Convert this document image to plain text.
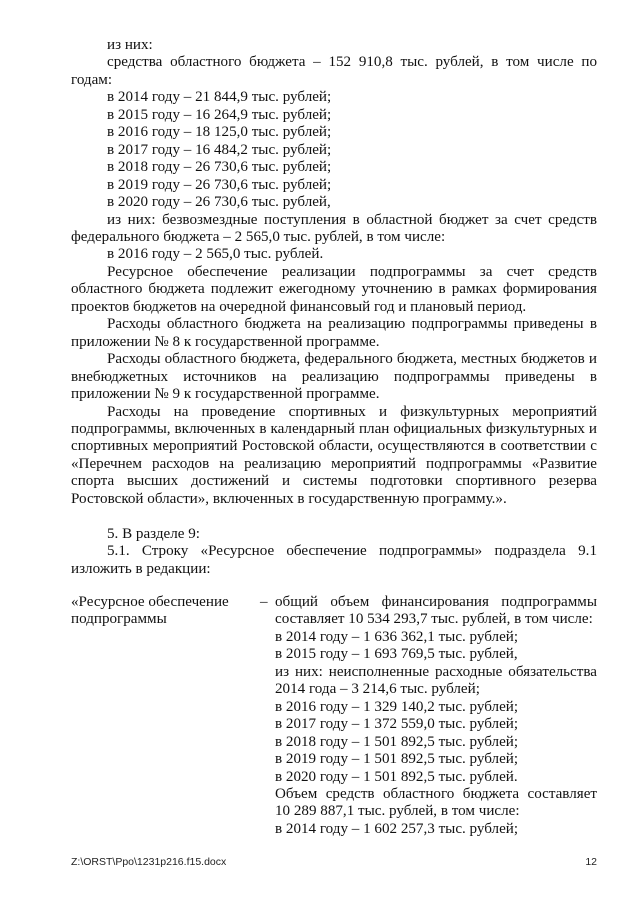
из них:

средства областного бюджета – 152 910,8 тыс. рублей, в том числе по годам:

в 2014 году – 21 844,9 тыс. рублей;

в 2015 году – 16 264,9 тыс. рублей;

в 2016 году – 18 125,0 тыс. рублей;

в 2017 году – 16 484,2 тыс. рублей;

в 2018 году – 26 730,6 тыс. рублей;

в 2019 году – 26 730,6 тыс. рублей;

в 2020 году – 26 730,6 тыс. рублей,

из них: безвозмездные поступления в областной бюджет за счет средств федерального бюджета – 2 565,0 тыс. рублей, в том числе:

в 2016 году – 2 565,0 тыс. рублей.

Ресурсное обеспечение реализации подпрограммы за счет средств областного бюджета подлежит ежегодному уточнению в рамках формирования проектов бюджетов на очередной финансовый год и плановый период.

Расходы областного бюджета на реализацию подпрограммы приведены в приложении № 8 к государственной программе.

Расходы областного бюджета, федерального бюджета, местных бюджетов и внебюджетных источников на реализацию подпрограммы приведены в приложении № 9 к государственной программе.

Расходы на проведение спортивных и физкультурных мероприятий подпрограммы, включенных в календарный план официальных физкультурных и спортивных мероприятий Ростовской области, осуществляются в соответствии с «Перечнем расходов на реализацию мероприятий подпрограммы «Развитие спорта высших достижений и системы подготовки спортивного резерва Ростовской области», включенных в государственную программу.».

5. В разделе 9:

5.1. Строку «Ресурсное обеспечение подпрограммы» подраздела 9.1 изложить в редакции:

«Ресурсное обеспечение подпрограммы
– общий объем финансирования подпрограммы составляет 10 534 293,7 тыс. рублей, в том числе:

в 2014 году – 1 636 362,1 тыс. рублей;

в 2015 году – 1 693 769,5 тыс. рублей,

из них: неисполненные расходные обязательства 2014 года – 3 214,6 тыс. рублей;

в 2016 году – 1 329 140,2 тыс. рублей;

в 2017 году – 1 372 559,0 тыс. рублей;

в 2018 году – 1 501 892,5 тыс. рублей;

в 2019 году – 1 501 892,5 тыс. рублей;

в 2020 году – 1 501 892,5 тыс. рублей.

Объем средств областного бюджета составляет 10 289 887,1 тыс. рублей, в том числе:

в 2014 году – 1 602 257,3 тыс. рублей;

Z:\ORST\Ppo\1231p216.f15.docx	12
